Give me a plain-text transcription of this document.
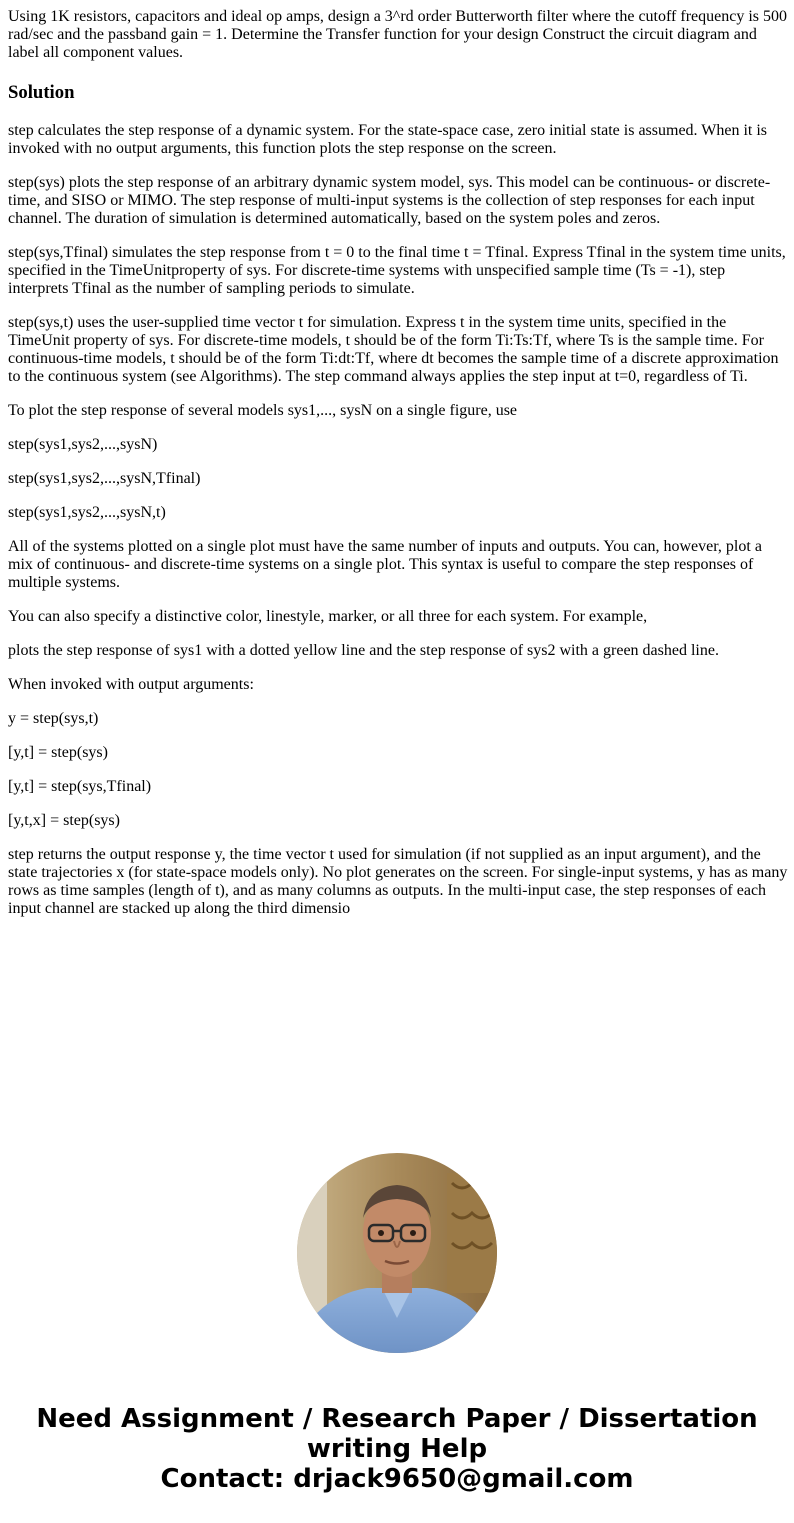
Using 1K resistors, capacitors and ideal op amps, design a 3^rd order Butterworth filter where the cutoff frequency is 500 rad/sec and the passband gain = 1. Determine the Transfer function for your design Construct the circuit diagram and label all component values.

Solution

step calculates the step response of a dynamic system. For the state-space case, zero initial state is assumed. When it is invoked with no output arguments, this function plots the step response on the screen.

step(sys) plots the step response of an arbitrary dynamic system model, sys. This model can be continuous- or discrete-time, and SISO or MIMO. The step response of multi-input systems is the collection of step responses for each input channel. The duration of simulation is determined automatically, based on the system poles and zeros.

step(sys,Tfinal) simulates the step response from t = 0 to the final time t = Tfinal. Express Tfinal in the system time units, specified in the TimeUnitproperty of sys. For discrete-time systems with unspecified sample time (Ts = -1), step interprets Tfinal as the number of sampling periods to simulate.

step(sys,t) uses the user-supplied time vector t for simulation. Express t in the system time units, specified in the TimeUnit property of sys. For discrete-time models, t should be of the form Ti:Ts:Tf, where Ts is the sample time. For continuous-time models, t should be of the form Ti:dt:Tf, where dt becomes the sample time of a discrete approximation to the continuous system (see Algorithms). The step command always applies the step input at t=0, regardless of Ti.

To plot the step response of several models sys1,..., sysN on a single figure, use

step(sys1,sys2,...,sysN)

step(sys1,sys2,...,sysN,Tfinal)

step(sys1,sys2,...,sysN,t)

All of the systems plotted on a single plot must have the same number of inputs and outputs. You can, however, plot a mix of continuous- and discrete-time systems on a single plot. This syntax is useful to compare the step responses of multiple systems.

You can also specify a distinctive color, linestyle, marker, or all three for each system. For example,

plots the step response of sys1 with a dotted yellow line and the step response of sys2 with a green dashed line.

When invoked with output arguments:

y = step(sys,t)

[y,t] = step(sys)

[y,t] = step(sys,Tfinal)

[y,t,x] = step(sys)

step returns the output response y, the time vector t used for simulation (if not supplied as an input argument), and the state trajectories x (for state-space models only). No plot generates on the screen. For single-input systems, y has as many rows as time samples (length of t), and as many columns as outputs. In the multi-input case, the step responses of each input channel are stacked up along the third dimensio

Need Assignment / Research Paper / Dissertation
writing Help
Contact: drjack9650@gmail.com
